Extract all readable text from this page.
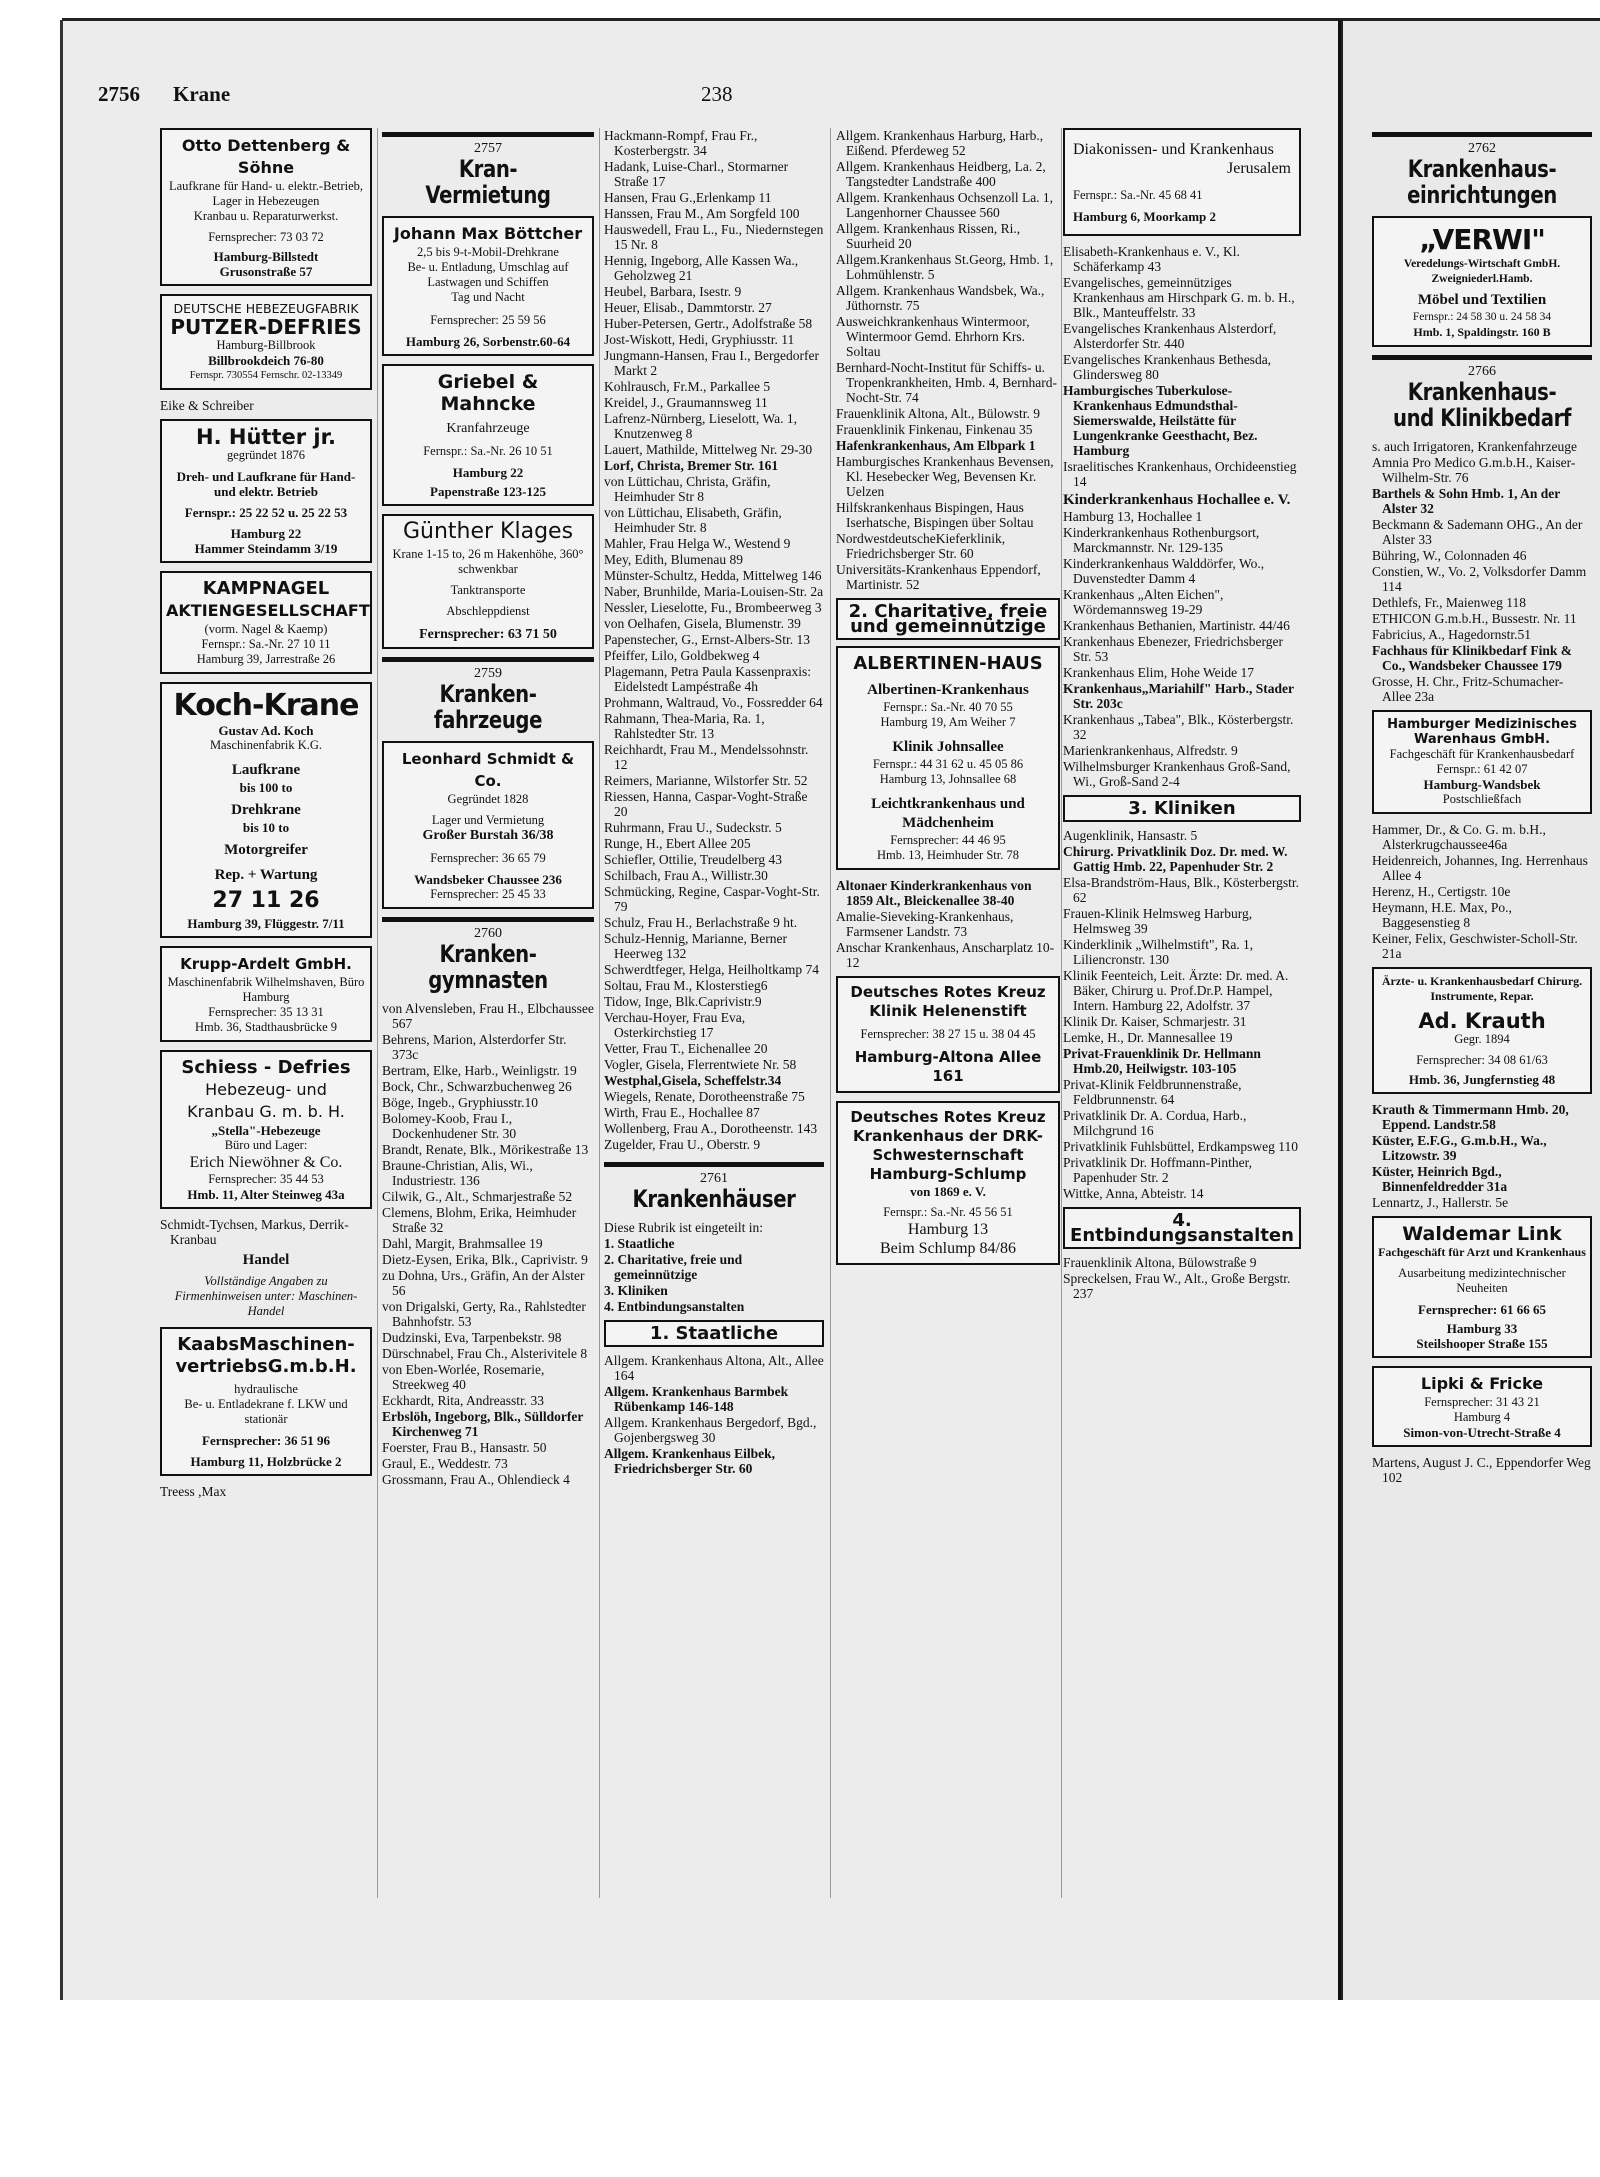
2756 Krane	238
Otto Dettenberg & Söhne
Laufkrane für Hand- u. elektr.-Betrieb,
Lager in Hebezeugen
Kranbau u. Reparaturwerkst.
Fernsprecher: 73 03 72
Hamburg-Billstedt
Grusonstraße 57
DEUTSCHE HEBEZEUGFABRIK
PUTZER-DEFRIES
Hamburg-Billbrook
Billbrookdeich 76-80
Fernspr. 730554 Fernschr. 02-13349
Eike & Schreiber
H. Hütter jr.
gegründet 1876
Dreh- und Laufkrane für Hand- und elektr. Betrieb
Fernspr.: 25 22 52 u. 25 22 53
Hamburg 22
Hammer Steindamm 3/19
KAMPNAGEL
AKTIENGESELLSCHAFT
(vorm. Nagel & Kaemp)
Fernspr.: Sa.-Nr. 27 10 11
Hamburg 39, Jarrestraße 26
Koch-Krane
Gustav Ad. Koch
Maschinenfabrik K.G.
Laufkrane
bis 100 to
Drehkrane
bis 10 to
Motorgreifer
Rep. + Wartung
27 11 26
Hamburg 39, Flüggestr. 7/11
Krupp-Ardelt GmbH.
Maschinenfabrik Wilhelmshaven, Büro Hamburg
Fernsprecher: 35 13 31
Hmb. 36, Stadthausbrücke 9
Schiess - Defries
Hebezeug- und
Kranbau G. m. b. H.
„Stella"-Hebezeuge
Büro und Lager:
Erich Niewöhner & Co.
Fernsprecher: 35 44 53
Hmb. 11, Alter Steinweg 43a
Schmidt-Tychsen, Markus, Derrik-Kranbau
Handel
Vollständige Angaben zu Firmenhinweisen unter: Maschinen-Handel
KaabsMaschinen-
vertriebsG.m.b.H.
hydraulische
Be- u. Entladekrane f. LKW und stationär
Fernsprecher: 36 51 96
Hamburg 11, Holzbrücke 2
Treess ,Max
2757
Kran-Vermietung
Johann Max Böttcher
2,5 bis 9-t-Mobil-Drehkrane
Be- u. Entladung, Umschlag auf Lastwagen und Schiffen
Tag und Nacht
Fernsprecher: 25 59 56
Hamburg 26, Sorbenstr.60-64
Griebel & Mahncke
Kranfahrzeuge
Fernspr.: Sa.-Nr. 26 10 51
Hamburg 22
Papenstraße 123-125
Günther Klages
Krane 1-15 to, 26 m Hakenhöhe, 360° schwenkbar
Tanktransporte
Abschleppdienst
Fernsprecher: 63 71 50
2759
Kranken-fahrzeuge
Leonhard Schmidt & Co.
Gegründet 1828
Lager und Vermietung
Großer Burstah 36/38
Fernsprecher: 36 65 79
Wandsbeker Chaussee 236
Fernsprecher: 25 45 33
2760
Kranken-gymnasten
von Alvensleben, Frau H., Elbchaussee 567
Behrens, Marion, Alsterdorfer Str. 373c
Bertram, Elke, Harb., Weinligstr. 19
Bock, Chr., Schwarzbuchenweg 26
Böge, Ingeb., Gryphiusstr.10
Bolomey-Koob, Frau I., Dockenhudener Str. 30
Brandt, Renate, Blk., Mörikestraße 13
Braune-Christian, Alis, Wi., Industriestr. 136
Cilwik, G., Alt., Schmarjestraße 52
Clemens, Blohm, Erika, Heimhuder Straße 32
Dahl, Margit, Brahmsallee 19
Dietz-Eysen, Erika, Blk., Caprivistr. 9
zu Dohna, Urs., Gräfin, An der Alster 56
von Drigalski, Gerty, Ra., Rahlstedter Bahnhofstr. 53
Dudzinski, Eva, Tarpenbekstr. 98
Dürschnabel, Frau Ch., Alsterivitele 8
von Eben-Worlée, Rosemarie, Streekweg 40
Eckhardt, Rita, Andreasstr. 33
Erbslöh, Ingeborg, Blk., Sülldorfer Kirchenweg 71
Foerster, Frau B., Hansastr. 50
Graul, E., Weddestr. 73
Grossmann, Frau A., Ohlendieck 4
Hackmann-Rompf, Frau Fr., Kosterbergstr. 34
Hadank, Luise-Charl., Stormarner Straße 17
Hansen, Frau G.,Erlenkamp 11
Hanssen, Frau M., Am Sorgfeld 100
Hauswedell, Frau L., Fu., Niedernstegen 15 Nr. 8
Hennig, Ingeborg, Alle Kassen Wa., Geholzweg 21
Heubel, Barbara, Isestr. 9
Heuer, Elisab., Dammtorstr. 27
Huber-Petersen, Gertr., Adolfstraße 58
Jost-Wiskott, Hedi, Gryphiusstr. 11
Jungmann-Hansen, Frau I., Bergedorfer Markt 2
Kohlrausch, Fr.M., Parkallee 5
Kreidel, J., Graumannsweg 11
Lafrenz-Nürnberg, Lieselott, Wa. 1, Knutzenweg 8
Lauert, Mathilde, Mittelweg Nr. 29-30
Lorf, Christa, Bremer Str. 161
von Lüttichau, Christa, Gräfin, Heimhuder Str 8
von Lüttichau, Elisabeth, Gräfin, Heimhuder Str. 8
Mahler, Frau Helga W., Westend 9
Mey, Edith, Blumenau 89
Münster-Schultz, Hedda, Mittelweg 146
Naber, Brunhilde, Maria-Louisen-Str. 2a
Nessler, Lieselotte, Fu., Brombeerweg 3
von Oelhafen, Gisela, Blumenstr. 39
Papenstecher, G., Ernst-Albers-Str. 13
Pfeiffer, Lilo, Goldbekweg 4
Plagemann, Petra Paula Kassenpraxis: Eidelstedt Lampéstraße 4h
Prohmann, Waltraud, Vo., Fossredder 64
Rahmann, Thea-Maria, Ra. 1, Rahlstedter Str. 13
Reichhardt, Frau M., Mendelssohnstr. 12
Reimers, Marianne, Wilstorfer Str. 52
Riessen, Hanna, Caspar-Voght-Straße 20
Ruhrmann, Frau U., Sudeckstr. 5
Runge, H., Ebert Allee 205
Schiefler, Ottilie, Treudelberg 43
Schilbach, Frau A., Willistr.30
Schmücking, Regine, Caspar-Voght-Str. 79
Schulz, Frau H., Berlachstraße 9 ht.
Schulz-Hennig, Marianne, Berner Heerweg 132
Schwerdtfeger, Helga, Heilholtkamp 74
Soltau, Frau M., Klosterstieg6
Tidow, Inge, Blk.Caprivistr.9
Verchau-Hoyer, Frau Eva, Osterkirchstieg 17
Vetter, Frau T., Eichenallee 20
Vogler, Gisela, Flerrentwiete Nr. 58
Westphal,Gisela, Scheffelstr.34
Wiegels, Renate, Dorotheenstraße 75
Wirth, Frau E., Hochallee 87
Wollenberg, Frau A., Dorotheenstr. 143
Zugelder, Frau U., Oberstr. 9
2761
Krankenhäuser
Diese Rubrik ist eingeteilt in:
1. Staatliche
2. Charitative, freie und gemeinnützige
3. Kliniken
4. Entbindungsanstalten
1. Staatliche
Allgem. Krankenhaus Altona, Alt., Allee 164
Allgem. Krankenhaus Barmbek Rübenkamp 146-148
Allgem. Krankenhaus Bergedorf, Bgd., Gojenbergsweg 30
Allgem. Krankenhaus Eilbek, Friedrichsberger Str. 60
Allgem. Krankenhaus Harburg, Harb., Eißend. Pferdeweg 52
Allgem. Krankenhaus Heidberg, La. 2, Tangstedter Landstraße 400
Allgem. Krankenhaus Ochsenzoll La. 1, Langenhorner Chaussee 560
Allgem. Krankenhaus Rissen, Ri., Suurheid 20
Allgem.Krankenhaus St.Georg, Hmb. 1, Lohmühlenstr. 5
Allgem. Krankenhaus Wandsbek, Wa., Jüthornstr. 75
Ausweichkrankenhaus Wintermoor, Wintermoor Gemd. Ehrhorn Krs. Soltau
Bernhard-Nocht-Institut für Schiffs- u. Tropenkrankheiten, Hmb. 4, Bernhard-Nocht-Str. 74
Frauenklinik Altona, Alt., Bülowstr. 9
Frauenklinik Finkenau, Finkenau 35
Hafenkrankenhaus, Am Elbpark 1
Hamburgisches Krankenhaus Bevensen, Kl. Hesebecker Weg, Bevensen Kr. Uelzen
Hilfskrankenhaus Bispingen, Haus Iserhatsche, Bispingen über Soltau
NordwestdeutscheKieferklinik, Friedrichsberger Str. 60
Universitäts-Krankenhaus Eppendorf, Martinistr. 52
2. Charitative, freie und gemeinnützige
ALBERTINEN-HAUS
Albertinen-Krankenhaus
Fernspr.: Sa.-Nr. 40 70 55
Hamburg 19, Am Weiher 7
Klinik Johnsallee
Fernspr.: 44 31 62 u. 45 05 86
Hamburg 13, Johnsallee 68
Leichtkrankenhaus und Mädchenheim
Fernsprecher: 44 46 95
Hmb. 13, Heimhuder Str. 78
Altonaer Kinderkrankenhaus von 1859 Alt., Bleickenallee 38-40
Amalie-Sieveking-Krankenhaus, Farmsener Landstr. 73
Anschar Krankenhaus, Anscharplatz 10-12
Deutsches Rotes Kreuz Klinik Helenenstift
Fernsprecher: 38 27 15 u. 38 04 45
Hamburg-Altona Allee 161
Deutsches Rotes Kreuz Krankenhaus der DRK-Schwesternschaft Hamburg-Schlump
von 1869 e. V.
Fernspr.: Sa.-Nr. 45 56 51
Hamburg 13
Beim Schlump 84/86
Diakonissen- und Krankenhaus
Jerusalem
Fernspr.: Sa.-Nr. 45 68 41
Hamburg 6, Moorkamp 2
Elisabeth-Krankenhaus e. V., Kl. Schäferkamp 43
Evangelisches, gemeinnütziges Krankenhaus am Hirschpark G. m. b. H., Blk., Manteuffelstr. 33
Evangelisches Krankenhaus Alsterdorf, Alsterdorfer Str. 440
Evangelisches Krankenhaus Bethesda, Glindersweg 80
Hamburgisches Tuberkulose-Krankenhaus Edmundsthal-Siemerswalde, Heilstätte für Lungenkranke Geesthacht, Bez. Hamburg
Israelitisches Krankenhaus, Orchideenstieg 14
Kinderkrankenhaus Hochallee e. V.
Hamburg 13, Hochallee 1
Kinderkrankenhaus Rothenburgsort, Marckmannstr. Nr. 129-135
Kinderkrankenhaus Walddörfer, Wo., Duvenstedter Damm 4
Krankenhaus „Alten Eichen", Wördemannsweg 19-29
Krankenhaus Bethanien, Martinistr. 44/46
Krankenhaus Ebenezer, Friedrichsberger Str. 53
Krankenhaus Elim, Hohe Weide 17
Krankenhaus„Mariahilf" Harb., Stader Str. 203c
Krankenhaus „Tabea", Blk., Kösterbergstr. 32
Marienkrankenhaus, Alfredstr. 9
Wilhelmsburger Krankenhaus Groß-Sand, Wi., Groß-Sand 2-4
3. Kliniken
Augenklinik, Hansastr. 5
Chirurg. Privatklinik Doz. Dr. med. W. Gattig Hmb. 22, Papenhuder Str. 2
Elsa-Brandström-Haus, Blk., Kösterbergstr. 62
Frauen-Klinik Helmsweg Harburg, Helmsweg 39
Kinderklinik „Wilhelmstift", Ra. 1, Liliencronstr. 130
Klinik Feenteich, Leit. Ärzte: Dr. med. A. Bäker, Chirurg u. Prof.Dr.P. Hampel, Intern. Hamburg 22, Adolfstr. 37
Klinik Dr. Kaiser, Schmarjestr. 31
Lemke, H., Dr. Mannesallee 19
Privat-Frauenklinik Dr. Hellmann Hmb.20, Heilwigstr. 103-105
Privat-Klinik Feldbrunnenstraße, Feldbrunnenstr. 64
Privatklinik Dr. A. Corduа, Harb., Milchgrund 16
Privatklinik Fuhlsbüttel, Erdkampsweg 110
Privatklinik Dr. Hoffmann-Pinther, Papenhuder Str. 2
Wittke, Anna, Abteistr. 14
4. Entbindungsanstalten
Frauenklinik Altona, Bülowstraße 9
Spreckelsen, Frau W., Alt., Große Bergstr. 237
2762
Krankenhaus-einrichtungen
„VERWI"
Veredelungs-Wirtschaft GmbH. Zweigniederl.Hamb.
Möbel und Textilien
Fernspr.: 24 58 30 u. 24 58 34
Hmb. 1, Spaldingstr. 160 B
2766
Krankenhaus-und Klinikbedarf
s. auch Irrigatoren, Krankenfahrzeuge
Amnia Pro Medico G.m.b.H., Kaiser-Wilhelm-Str. 76
Barthels & Sohn Hmb. 1, An der Alster 32
Beckmann & Sademann OHG., An der Alster 33
Bühring, W., Colonnaden 46
Constien, W., Vo. 2, Volksdorfer Damm 114
Dethlefs, Fr., Maienweg 118
ETHICON G.m.b.H., Bussestr. Nr. 11
Fabricius, A., Hagedornstr.51
Fachhaus für Klinikbedarf Fink & Co., Wandsbeker Chaussee 179
Grosse, H. Chr., Fritz-Schumacher-Allee 23a
Hamburger Medizinisches Warenhaus GmbH.
Fachgeschäft für Krankenhausbedarf
Fernspr.: 61 42 07
Hamburg-Wandsbek
Postschließfach
Hammer, Dr., & Co. G. m. b.H., Alsterkrugchaussee46a
Heidenreich, Johannes, Ing. Herrenhaus Allee 4
Herenz, H., Certigstr. 10e
Heymann, H.E. Max, Po., Baggesenstieg 8
Keiner, Felix, Geschwister-Scholl-Str. 21a
Ärzte- u. Krankenhausbedarf Chirurg. Instrumente, Repar.
Ad. Krauth
Gegr. 1894
Fernsprecher: 34 08 61/63
Hmb. 36, Jungfernstieg 48
Krauth & Timmermann Hmb. 20, Eppend. Landstr.58
Küster, E.F.G., G.m.b.H., Wa., Litzowstr. 39
Küster, Heinrich Bgd., Binnenfeldredder 31a
Lennartz, J., Hallerstr. 5e
Waldemar Link
Fachgeschäft für Arzt und Krankenhaus
Ausarbeitung medizintechnischer Neuheiten
Fernsprecher: 61 66 65
Hamburg 33
Steilshooper Straße 155
Lipki & Fricke
Fernsprecher: 31 43 21
Hamburg 4
Simon-von-Utrecht-Straße 4
Martens, August J. C., Eppendorfer Weg 102
